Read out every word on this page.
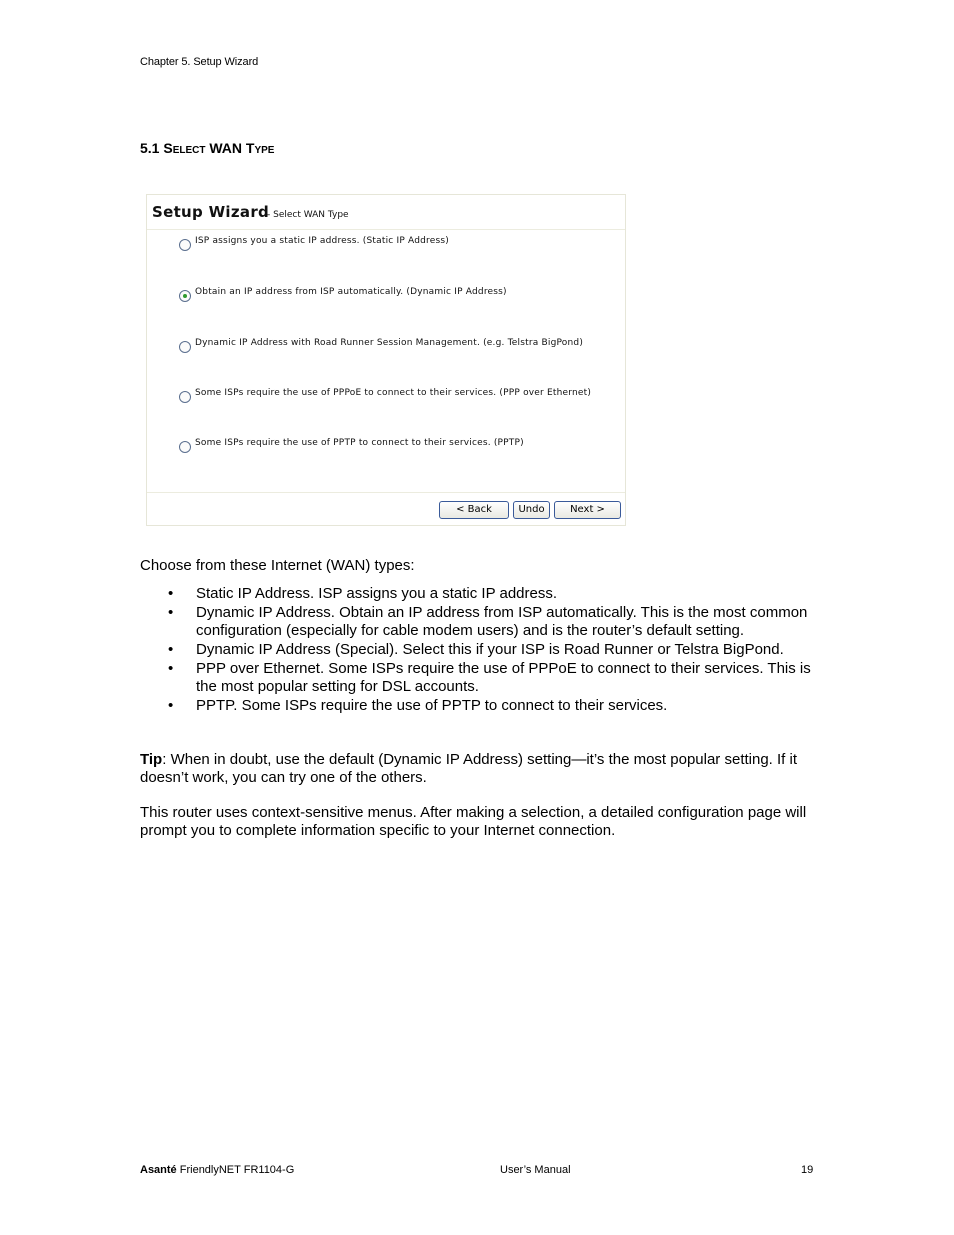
Chapter 5. Setup Wizard
5.1 Select WAN Type
Setup Wizard
- Select WAN Type
ISP assigns you a static IP address. (Static IP Address)
Obtain an IP address from ISP automatically. (Dynamic IP Address)
Dynamic IP Address with Road Runner Session Management. (e.g. Telstra BigPond)
Some ISPs require the use of PPPoE to connect to their services. (PPP over Ethernet)
Some ISPs require the use of PPTP to connect to their services. (PPTP)
< Back	Undo	Next >
Choose from these Internet (WAN) types:
• Static IP Address. ISP assigns you a static IP address.
• Dynamic IP Address. Obtain an IP address from ISP automatically. This is the most common configuration (especially for cable modem users) and is the router’s default setting.
• Dynamic IP Address (Special). Select this if your ISP is Road Runner or Telstra BigPond.
• PPP over Ethernet. Some ISPs require the use of PPPoE to connect to their services. This is the most popular setting for DSL accounts.
• PPTP. Some ISPs require the use of PPTP to connect to their services.
Tip: When in doubt, use the default (Dynamic IP Address) setting—it’s the most popular setting. If it doesn’t work, you can try one of the others.
This router uses context-sensitive menus. After making a selection, a detailed configuration page will prompt you to complete information specific to your Internet connection.
Asanté FriendlyNET FR1104-G	User’s Manual	19
